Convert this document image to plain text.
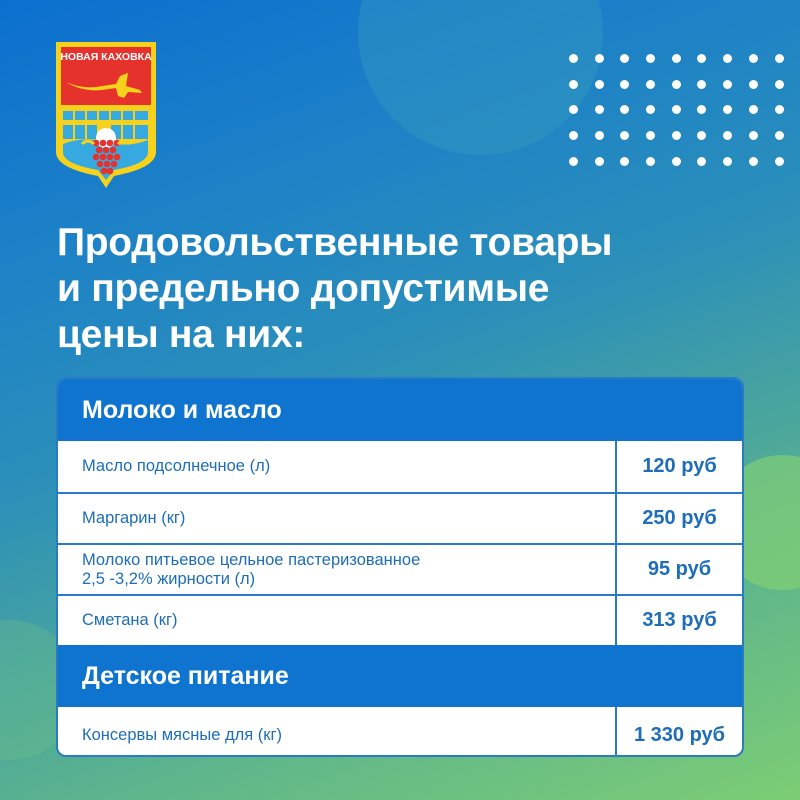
НОВАЯ КАХОВКА
Продовольственные товары
и предельно допустимые
цены на них:
Молоко и масло
Масло подсолнечное (л)	120 руб
Маргарин (кг)	250 руб
Молоко питьевое цельное пастеризованное
2,5 -3,2% жирности (л)	95 руб
Сметана (кг)	313 руб
Детское питание
Консервы мясные для (кг)	1 330 руб
